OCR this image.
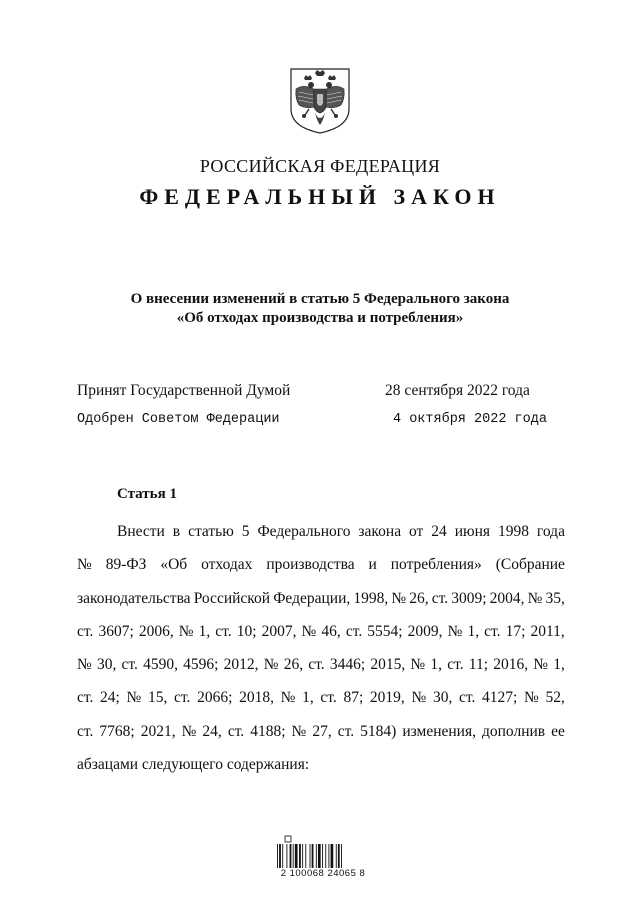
РОССИЙСКАЯ ФЕДЕРАЦИЯ
ФЕДЕРАЛЬНЫЙ ЗАКОН
О внесении изменений в статью 5 Федерального закона
«Об отходах производства и потребления»
Принят Государственной Думой	28 сентября 2022 года
Одобрен Советом Федерации	4 октября 2022 года
Статья 1
Внести в статью 5 Федерального закона от 24 июня 1998 года
№ 89-ФЗ «Об отходах производства и потребления» (Собрание
законодательства Российской Федерации, 1998, № 26, ст. 3009; 2004, № 35,
ст. 3607; 2006, № 1, ст. 10; 2007, № 46, ст. 5554; 2009, № 1, ст. 17; 2011,
№ 30, ст. 4590, 4596; 2012, № 26, ст. 3446; 2015, № 1, ст. 11; 2016, № 1,
ст. 24; № 15, ст. 2066; 2018, № 1, ст. 87; 2019, № 30, ст. 4127; № 52,
ст. 7768; 2021, № 24, ст. 4188; № 27, ст. 5184) изменения, дополнив ее
абзацами следующего содержания:
2 100068 24065 8
